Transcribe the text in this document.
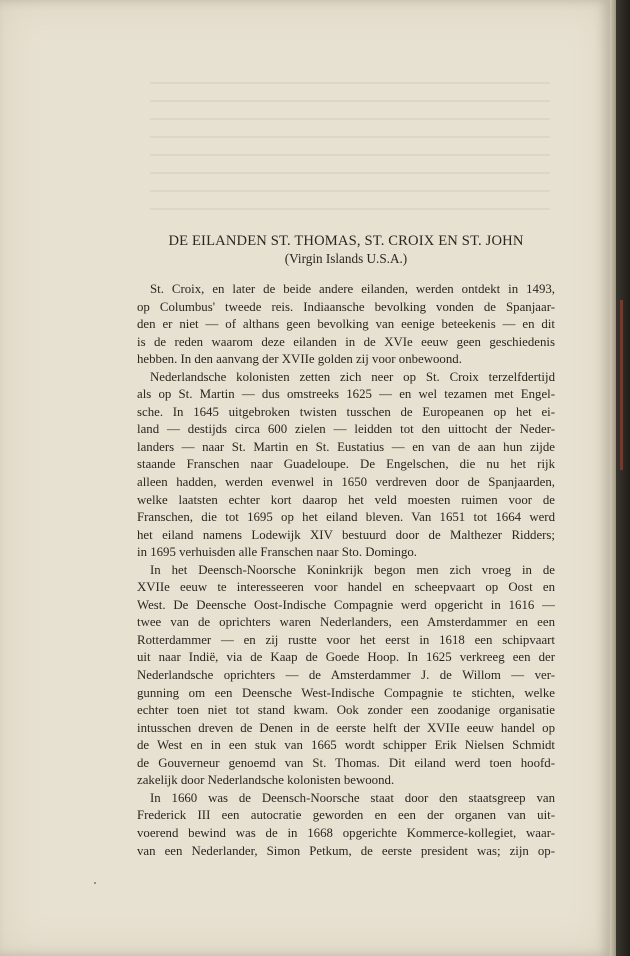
DE EILANDEN ST. THOMAS, ST. CROIX EN ST. JOHN
(Virgin Islands U.S.A.)
St. Croix, en later de beide andere eilanden, werden ontdekt in 1493,
op Columbus' tweede reis. Indiaansche bevolking vonden de Spanjaar-
den er niet — of althans geen bevolking van eenige beteekenis — en dit
is de reden waarom deze eilanden in de XVIe eeuw geen geschiedenis
hebben. In den aanvang der XVIIe golden zij voor onbewoond.
Nederlandsche kolonisten zetten zich neer op St. Croix terzelfdertijd
als op St. Martin — dus omstreeks 1625 — en wel tezamen met Engel-
sche. In 1645 uitgebroken twisten tusschen de Europeanen op het ei-
land — destijds circa 600 zielen — leidden tot den uittocht der Neder-
landers — naar St. Martin en St. Eustatius — en van de aan hun zijde
staande Franschen naar Guadeloupe. De Engelschen, die nu het rijk
alleen hadden, werden evenwel in 1650 verdreven door de Spanjaarden,
welke laatsten echter kort daarop het veld moesten ruimen voor de
Franschen, die tot 1695 op het eiland bleven. Van 1651 tot 1664 werd
het eiland namens Lodewijk XIV bestuurd door de Malthezer Ridders;
in 1695 verhuisden alle Franschen naar Sto. Domingo.
In het Deensch-Noorsche Koninkrijk begon men zich vroeg in de
XVIIe eeuw te interesseeren voor handel en scheepvaart op Oost en
West. De Deensche Oost-Indische Compagnie werd opgericht in 1616 —
twee van de oprichters waren Nederlanders, een Amsterdammer en een
Rotterdammer — en zij rustte voor het eerst in 1618 een schipvaart
uit naar Indië, via de Kaap de Goede Hoop. In 1625 verkreeg een der
Nederlandsche oprichters — de Amsterdammer J. de Willom — ver-
gunning om een Deensche West-Indische Compagnie te stichten, welke
echter toen niet tot stand kwam. Ook zonder een zoodanige organisatie
intusschen dreven de Denen in de eerste helft der XVIIe eeuw handel op
de West en in een stuk van 1665 wordt schipper Erik Nielsen Schmidt
de Gouverneur genoemd van St. Thomas. Dit eiland werd toen hoofd-
zakelijk door Nederlandsche kolonisten bewoond.
In 1660 was de Deensch-Noorsche staat door den staatsgreep van
Frederick III een autocratie geworden en een der organen van uit-
voerend bewind was de in 1668 opgerichte Kommerce-kollegiet, waar-
van een Nederlander, Simon Petkum, de eerste president was; zijn op-
